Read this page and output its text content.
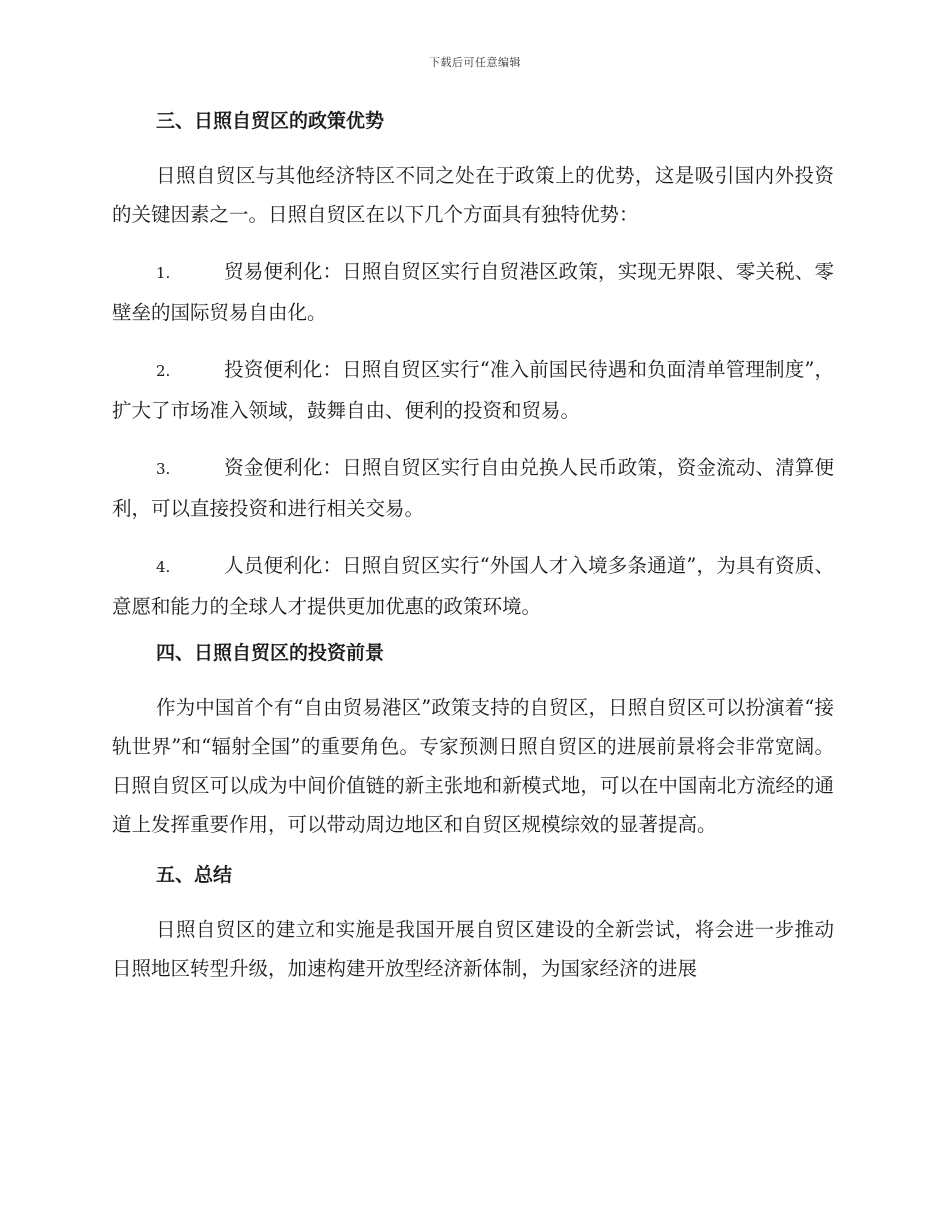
下载后可任意编辑
三、日照自贸区的政策优势

日照自贸区与其他经济特区不同之处在于政策上的优势，这是吸引国内外投资的关键因素之一。日照自贸区在以下几个方面具有独特优势：

1.	贸易便利化：日照自贸区实行自贸港区政策，实现无界限、零关税、零壁垒的国际贸易自由化。

2.	投资便利化：日照自贸区实行“准入前国民待遇和负面清单管理制度”，扩大了市场准入领域，鼓舞自由、便利的投资和贸易。

3.	资金便利化：日照自贸区实行自由兑换人民币政策，资金流动、清算便利，可以直接投资和进行相关交易。

4.	人员便利化：日照自贸区实行“外国人才入境多条通道”，为具有资质、意愿和能力的全球人才提供更加优惠的政策环境。

四、日照自贸区的投资前景

作为中国首个有“自由贸易港区”政策支持的自贸区，日照自贸区可以扮演着“接轨世界”和“辐射全国”的重要角色。专家预测日照自贸区的进展前景将会非常宽阔。日照自贸区可以成为中间价值链的新主张地和新模式地，可以在中国南北方流经的通道上发挥重要作用，可以带动周边地区和自贸区规模综效的显著提高。

五、总结

日照自贸区的建立和实施是我国开展自贸区建设的全新尝试，将会进一步推动日照地区转型升级，加速构建开放型经济新体制，为国家经济的进展
